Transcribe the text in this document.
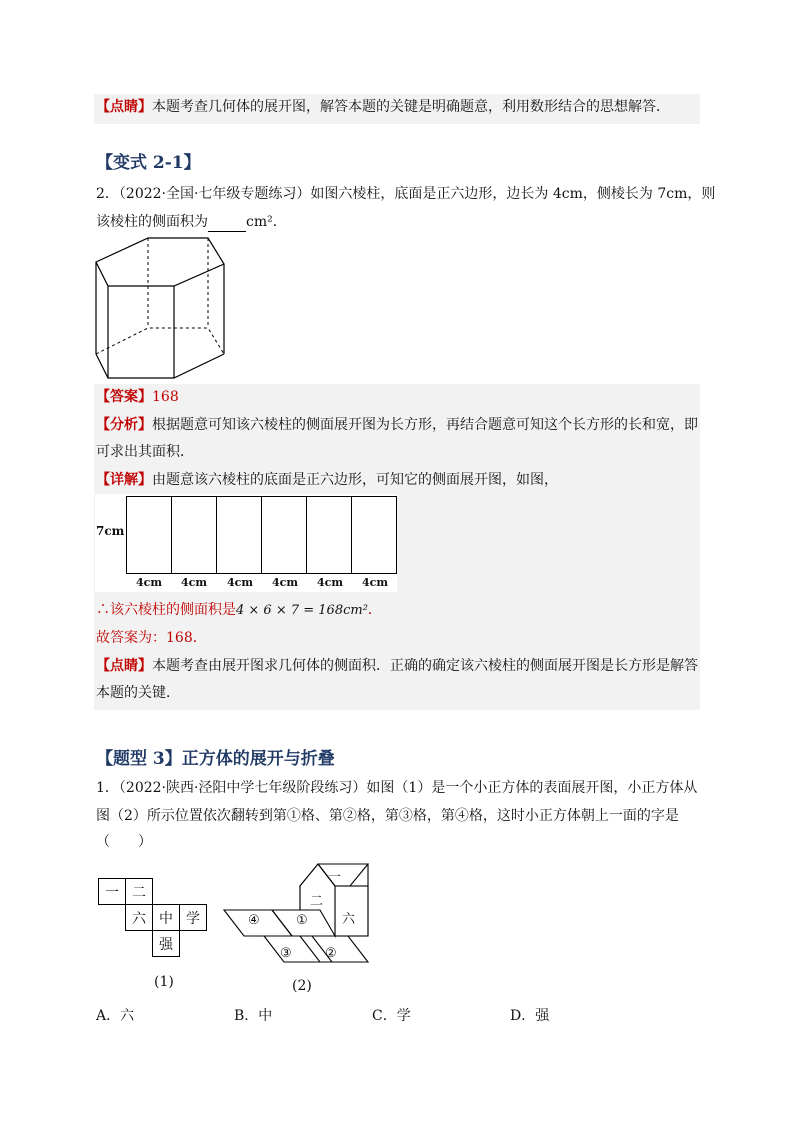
【点睛】本题考查几何体的展开图，解答本题的关键是明确题意，利用数形结合的思想解答．
【变式 2-1】
2．（2022·全国·七年级专题练习）如图六棱柱，底面是正六边形，边长为 4cm，侧棱长为 7cm，则
该棱柱的侧面积为	cm²．
【答案】168
【分析】根据题意可知该六棱柱的侧面展开图为长方形，再结合题意可知这个长方形的长和宽，即
可求出其面积．
【详解】由题意该六棱柱的底面是正六边形，可知它的侧面展开图，如图，
7cm
4cm 4cm 4cm 4cm 4cm 4cm
∴该六棱柱的侧面积是4 × 6 × 7 = 168cm²．
故答案为：168．
【点睛】本题考查由展开图求几何体的侧面积．正确的确定该六棱柱的侧面展开图是长方形是解答
本题的关键．
【题型 3】正方体的展开与折叠
1．（2022·陕西·泾阳中学七年级阶段练习）如图（1）是一个小正方体的表面展开图，小正方体从
图（2）所示位置依次翻转到第①格、第②格，第③格，第④格，这时小正方体朝上一面的字是
（　　）
一 二
六 中 学
强
(1)
④	①
③	②
一
二
六
(2)
A．六	B．中	C．学	D．强
